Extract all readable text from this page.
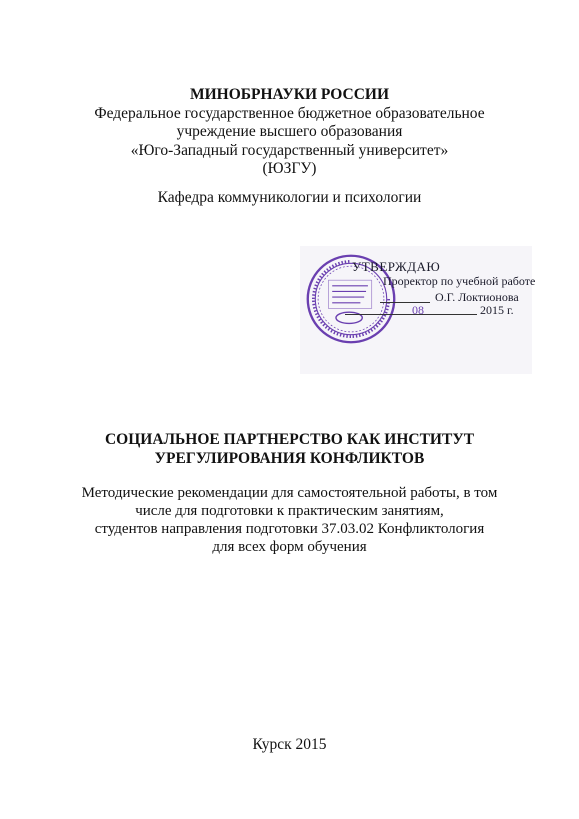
МИНОБРНАУКИ РОССИИ
Федеральное государственное бюджетное образовательное
учреждение высшего образования
«Юго-Западный государственный университет»
(ЮЗГУ)
Кафедра коммуникологии и психологии
УТВЕРЖДАЮ
Проректор по учебной работе
О.Г. Локтионова
08	2015 г.
СОЦИАЛЬНОЕ ПАРТНЕРСТВО КАК ИНСТИТУТ
УРЕГУЛИРОВАНИЯ КОНФЛИКТОВ
Методические рекомендации для самостоятельной работы, в том
числе для подготовки к практическим занятиям,
студентов направления подготовки 37.03.02 Конфликтология
для всех форм обучения
Курск 2015
